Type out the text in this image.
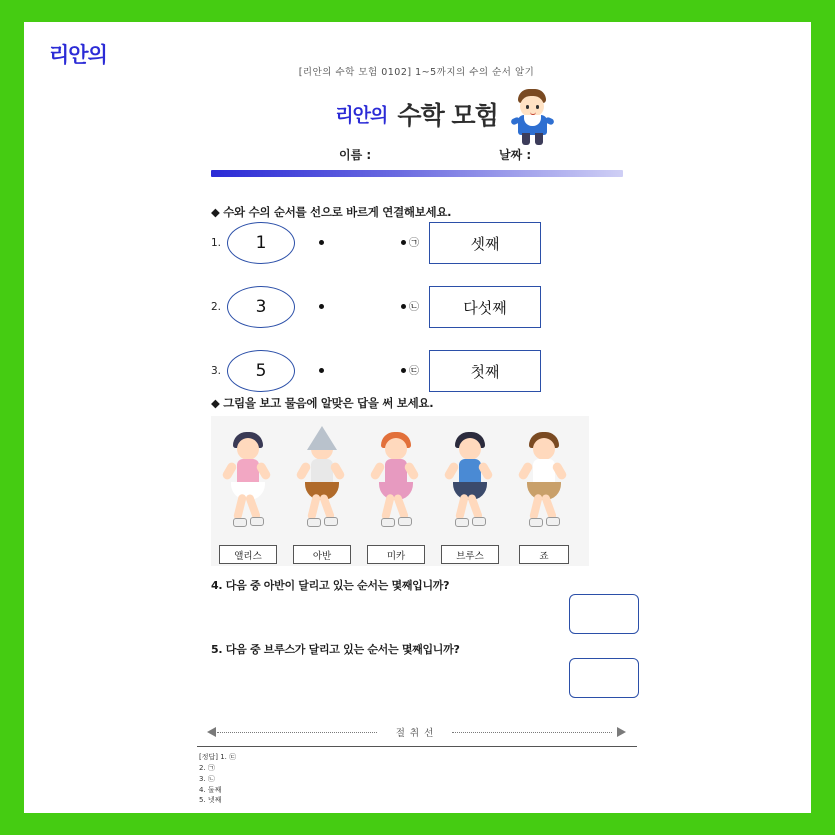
[리안의 수학 모험 0102] 1~5까지의 수의 순서 알기
리안의 수학 모험
리안의 수학 모험
이름 :	날짜 :
◆ 수와 수의 순서를 선으로 바르게 연결해보세요.
1.	1	㉠	셋째
2.	3	㉡	다섯째
3.	5	㉢	첫째
◆ 그림을 보고 물음에 알맞은 답을 써 보세요.
앨리스	아반	미카	브루스	죠
4. 다음 중 아반이 달리고 있는 순서는 몇째입니까?
5. 다음 중 브루스가 달리고 있는 순서는 몇째입니까?
절 취 선
[정답] 1. ㉢
2. ㉠
3. ㉡
4. 둘째
5. 넷째
